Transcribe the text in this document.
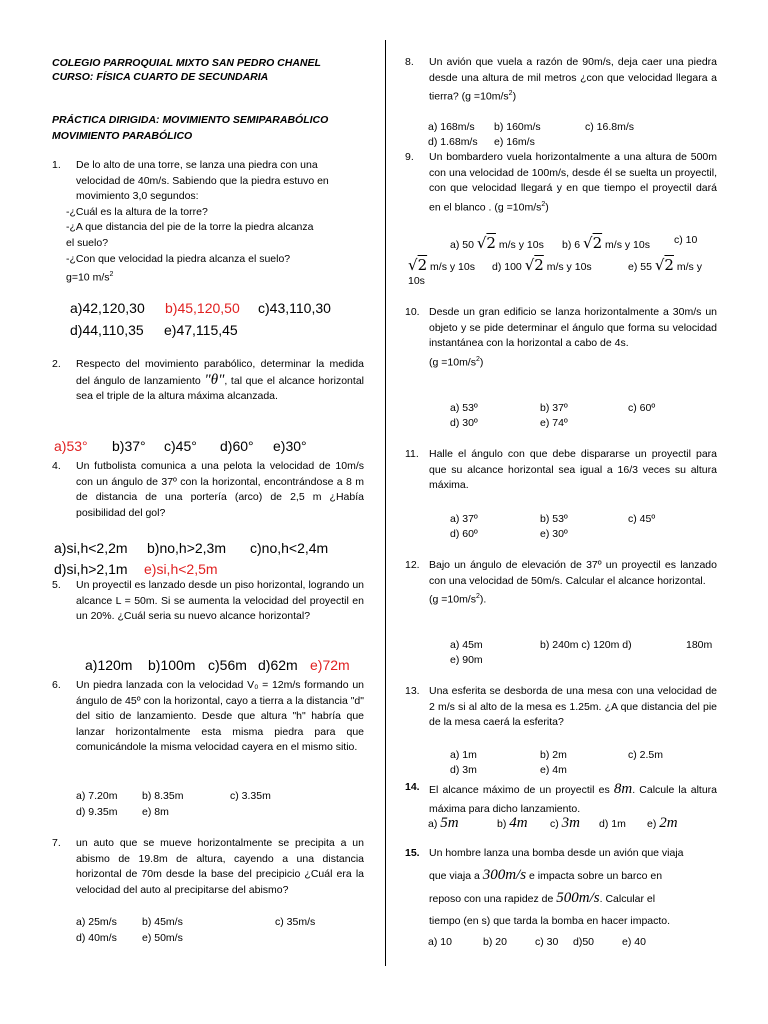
COLEGIO PARROQUIAL MIXTO SAN PEDRO CHANEL
CURSO: FÍSICA CUARTO DE SECUNDARIA
PRÁCTICA DIRIGIDA: MOVIMIENTO SEMIPARABÓLICO
MOVIMIENTO PARABÓLICO
1. De lo alto de una torre, se lanza una piedra con una
velocidad de 40m/s. Sabiendo que la piedra estuvo en
movimiento 3,0 segundos:
-¿Cuál es la altura de la torre?
-¿A que distancia del pie de la torre la piedra alcanza
el suelo?
-¿Con que velocidad la piedra alcanza el suelo?
g=10 $m/s^2$
a)42,120,30 b)45,120,50 c)43,110,30
d)44,110,35 e)47,115,45
2. Respecto del movimiento parabólico, determinar la medida del ángulo de lanzamiento "θ", tal que el alcance horizontal sea el triple de la altura máxima alcanzada.
a)53° b)37° c)45° d)60° e)30°
4. Un futbolista comunica a una pelota la velocidad de 10m/s con un ángulo de 37º con la horizontal, encontrándose a 8 m de distancia de una portería (arco) de 2,5 m ¿Había posibilidad del gol?
a)si,h<2,2m b)no,h>2,3m c)no,h<2,4m
d)si,h>2,1m e)si,h<2,5m
5. Un proyectil es lanzado desde un piso horizontal, logrando un alcance L = 50m. Si se aumenta la velocidad del proyectil en un 20%. ¿Cuál seria su nuevo alcance horizontal?
a)120m b)100m c)56m d)62m e)72m
6. Un piedra lanzada con la velocidad V₀ = 12m/s formando un ángulo de 45º con la horizontal, cayo a tierra a la distancia "d" del sitio de lanzamiento. Desde que altura "h" habría que lanzar horizontalmente esta misma piedra para que comunicándole la misma velocidad cayera en el mismo sitio.
a) 7.20m b) 8.35m	c) 3.35m
d) 9.35m e) 8m
7. un auto que se mueve horizontalmente se precipita a un abismo de 19.8m de altura, cayendo a una distancia horizontal de 70m desde la base del precipicio ¿Cuál era la velocidad del auto al precipitarse del abismo?
a) 25m/s b) 45m/s	c) 35m/s
d) 40m/s e) 50m/s
8. Un avión que vuela a razón de 90m/s, deja caer una piedra desde una altura de mil metros ¿con que velocidad llegara a tierra? $(g =10m/s^2)$
a) 168m/s b) 160m/s	c) 16.8m/s
d) 1.68m/s e) 16m/s
9. Un bombardero vuela horizontalmente a una altura de 500m con una velocidad de 100m/s, desde él se suelta un proyectil, con que velocidad llegará y en que tiempo el proyectil dará en el blanco . $(g =10m/s^2)$
a) 50 √2 m/s y 10s b) 6 √2 m/s y 10s c) 10
√2 m/s y 10s d) 100 √2 m/s y 10s	e) 55 √2 m/s y
10s
10. Desde un gran edificio se lanza horizontalmente a 30m/s un objeto y se pide determinar el ángulo que forma su velocidad instantánea con la horizontal a cabo de 4s.
$(g =10m/s^2)$
a) 53º	b) 37º	c) 60º
d) 30º	e) 74º
11. Halle el ángulo con que debe dispararse un proyectil para que su alcance horizontal sea igual a 16/3 veces su altura máxima.
a) 37º	b) 53º	c) 45º
d) 60º	e) 30º
12. Bajo un ángulo de elevación de 37º un proyectil es lanzado con una velocidad de 50m/s. Calcular el alcance horizontal.
$(g =10m/s^2)$.
a) 45m	b) 240m c) 120m d)	180m
e) 90m
13. Una esferita se desborda de una mesa con una velocidad de 2 m/s si al alto de la mesa es 1.25m. ¿A que distancia del pie de la mesa caerá la esferita?
a) 1m	b) 2m	c) 2.5m
d) 3m	e) 4m
14. El alcance máximo de un proyectil es 8m. Calcule la altura máxima para dicho lanzamiento.
a) 5m	b) 4m c) 3m d) 1m e) 2m
15. Un hombre lanza una bomba desde un avión que viaja
que viaja a 300m/s e impacta sobre un barco en
reposo con una rapidez de 500m/s. Calcular el
tiempo (en s) que tarda la bomba en hacer impacto.
a) 10	b) 20	c) 30 d)50	e) 40
